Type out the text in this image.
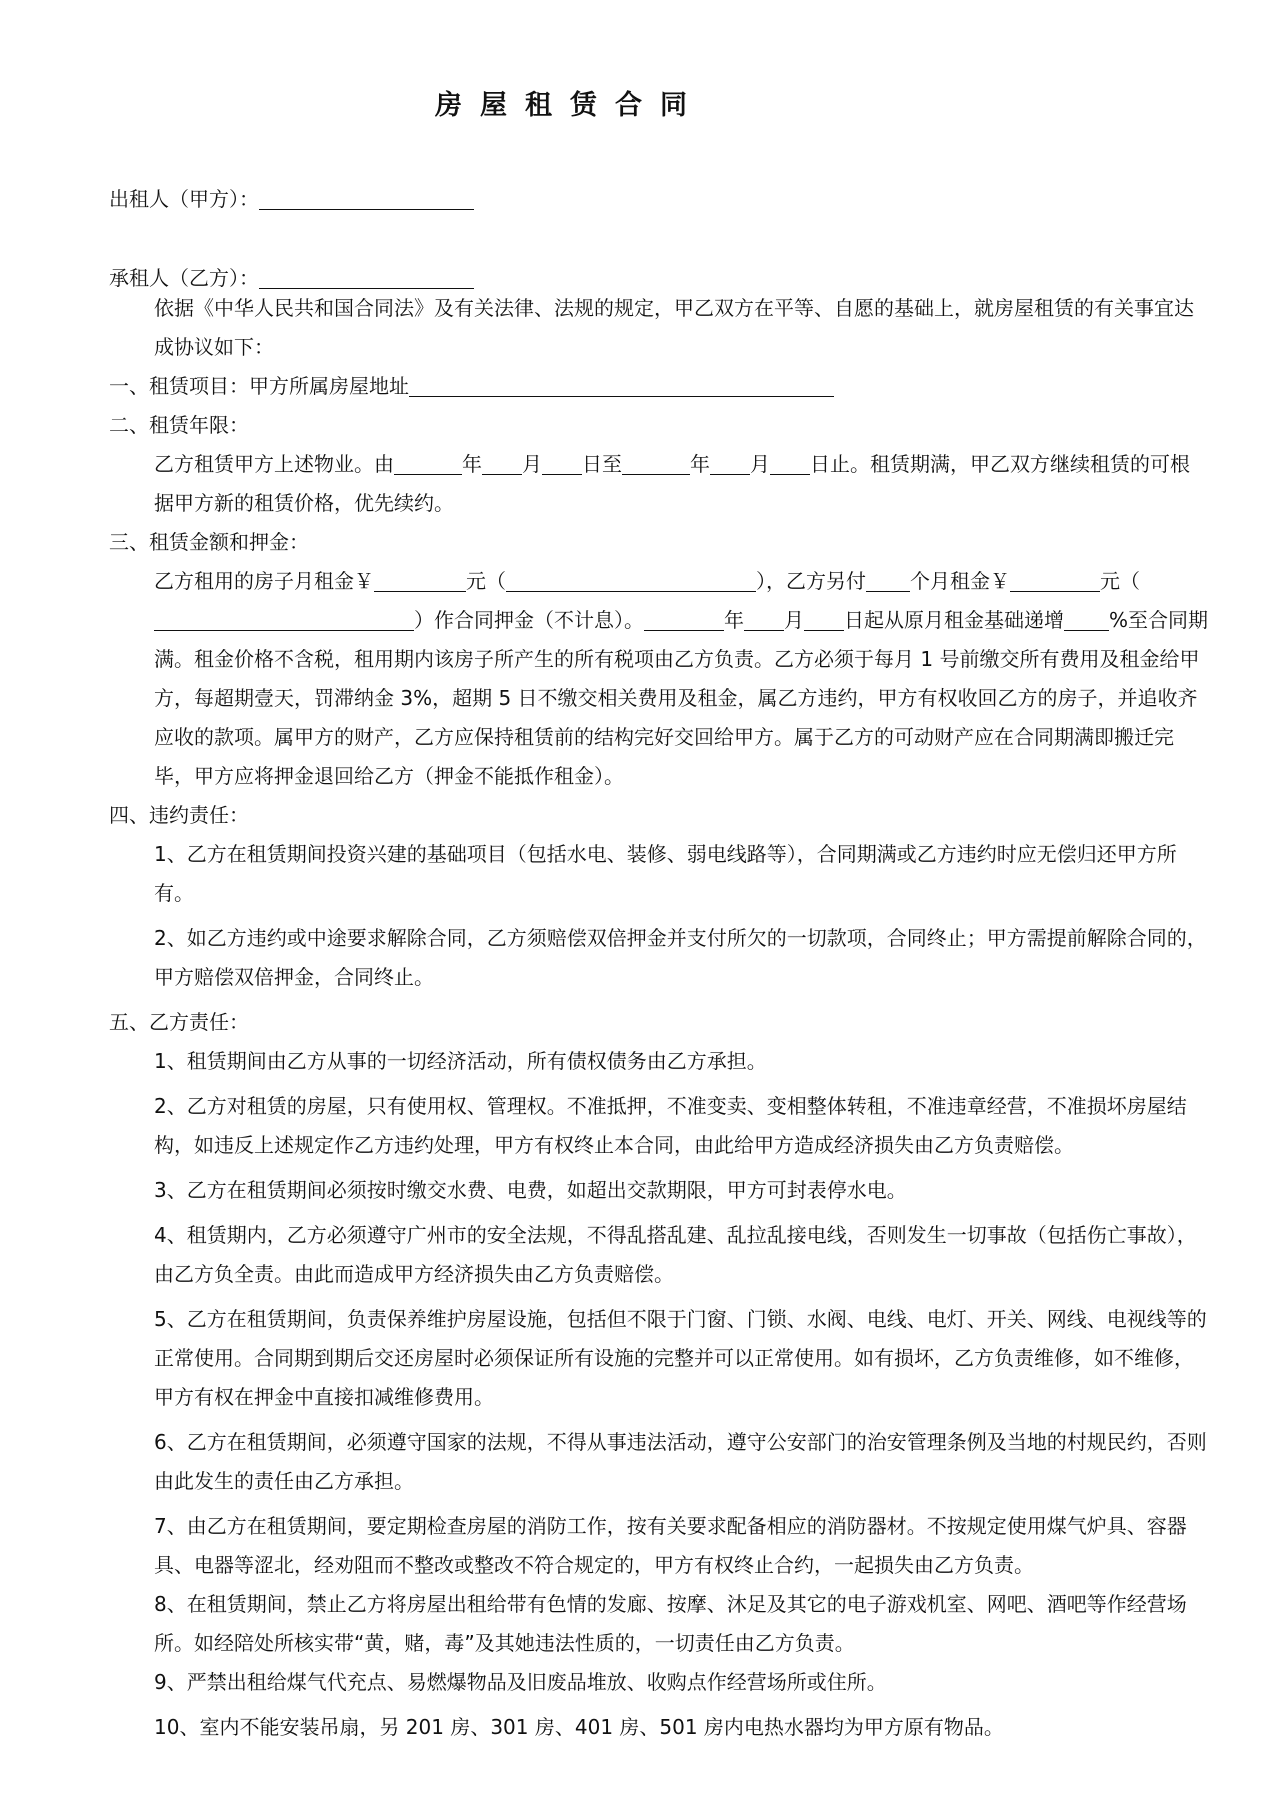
房屋租赁合同
出租人（甲方）：
承租人（乙方）：

依据《中华人民共和国合同法》及有关法律、法规的规定，甲乙双方在平等、自愿的基础上，就房屋租赁的有关事宜达成协议如下：

一、租赁项目：甲方所属房屋地址

二、租赁年限：

乙方租赁甲方上述物业。由	年 月 日至	年 月 日止。租赁期满，甲乙双方继续租赁的可根据甲方新的租赁价格，优先续约。

三、租赁金额和押金：

乙方租用的房子月租金￥	元（	），乙方另付 个月租金￥	元（）作合同押金（不计息）。	年 月 日起从原月租金基础递增 %至合同期满。租金价格不含税，租用期内该房子所产生的所有税项由乙方负责。乙方必须于每月 1 号前缴交所有费用及租金给甲方，每超期壹天，罚滞纳金 3%，超期 5 日不缴交相关费用及租金，属乙方违约，甲方有权收回乙方的房子，并追收齐应收的款项。属甲方的财产，乙方应保持租赁前的结构完好交回给甲方。属于乙方的可动财产应在合同期满即搬迁完毕，甲方应将押金退回给乙方（押金不能抵作租金）。

四、违约责任：

1、乙方在租赁期间投资兴建的基础项目（包括水电、装修、弱电线路等），合同期满或乙方违约时应无偿归还甲方所有。

2、如乙方违约或中途要求解除合同，乙方须赔偿双倍押金并支付所欠的一切款项，合同终止；甲方需提前解除合同的，甲方赔偿双倍押金，合同终止。

五、乙方责任：

1、租赁期间由乙方从事的一切经济活动，所有债权债务由乙方承担。

2、乙方对租赁的房屋，只有使用权、管理权。不准抵押，不准变卖、变相整体转租，不准违章经营，不准损坏房屋结构，如违反上述规定作乙方违约处理，甲方有权终止本合同，由此给甲方造成经济损失由乙方负责赔偿。

3、乙方在租赁期间必须按时缴交水费、电费，如超出交款期限，甲方可封表停水电。

4、租赁期内，乙方必须遵守广州市的安全法规，不得乱搭乱建、乱拉乱接电线，否则发生一切事故（包括伤亡事故），由乙方负全责。由此而造成甲方经济损失由乙方负责赔偿。

5、乙方在租赁期间，负责保养维护房屋设施，包括但不限于门窗、门锁、水阀、电线、电灯、开关、网线、电视线等的正常使用。合同期到期后交还房屋时必须保证所有设施的完整并可以正常使用。如有损坏，乙方负责维修，如不维修，甲方有权在押金中直接扣减维修费用。

6、乙方在租赁期间，必须遵守国家的法规，不得从事违法活动，遵守公安部门的治安管理条例及当地的村规民约，否则由此发生的责任由乙方承担。

7、由乙方在租赁期间，要定期检查房屋的消防工作，按有关要求配备相应的消防器材。不按规定使用煤气炉具、容器具、电器等涩北，经劝阻而不整改或整改不符合规定的，甲方有权终止合约，一起损失由乙方负责。

8、在租赁期间，禁止乙方将房屋出租给带有色情的发廊、按摩、沐足及其它的电子游戏机室、网吧、酒吧等作经营场所。如经陪处所核实带“黄，赌，毒”及其她违法性质的，一切责任由乙方负责。

9、严禁出租给煤气代充点、易燃爆物品及旧废品堆放、收购点作经营场所或住所。

10、室内不能安装吊扇，另 201 房、301 房、401 房、501 房内电热水器均为甲方原有物品。
